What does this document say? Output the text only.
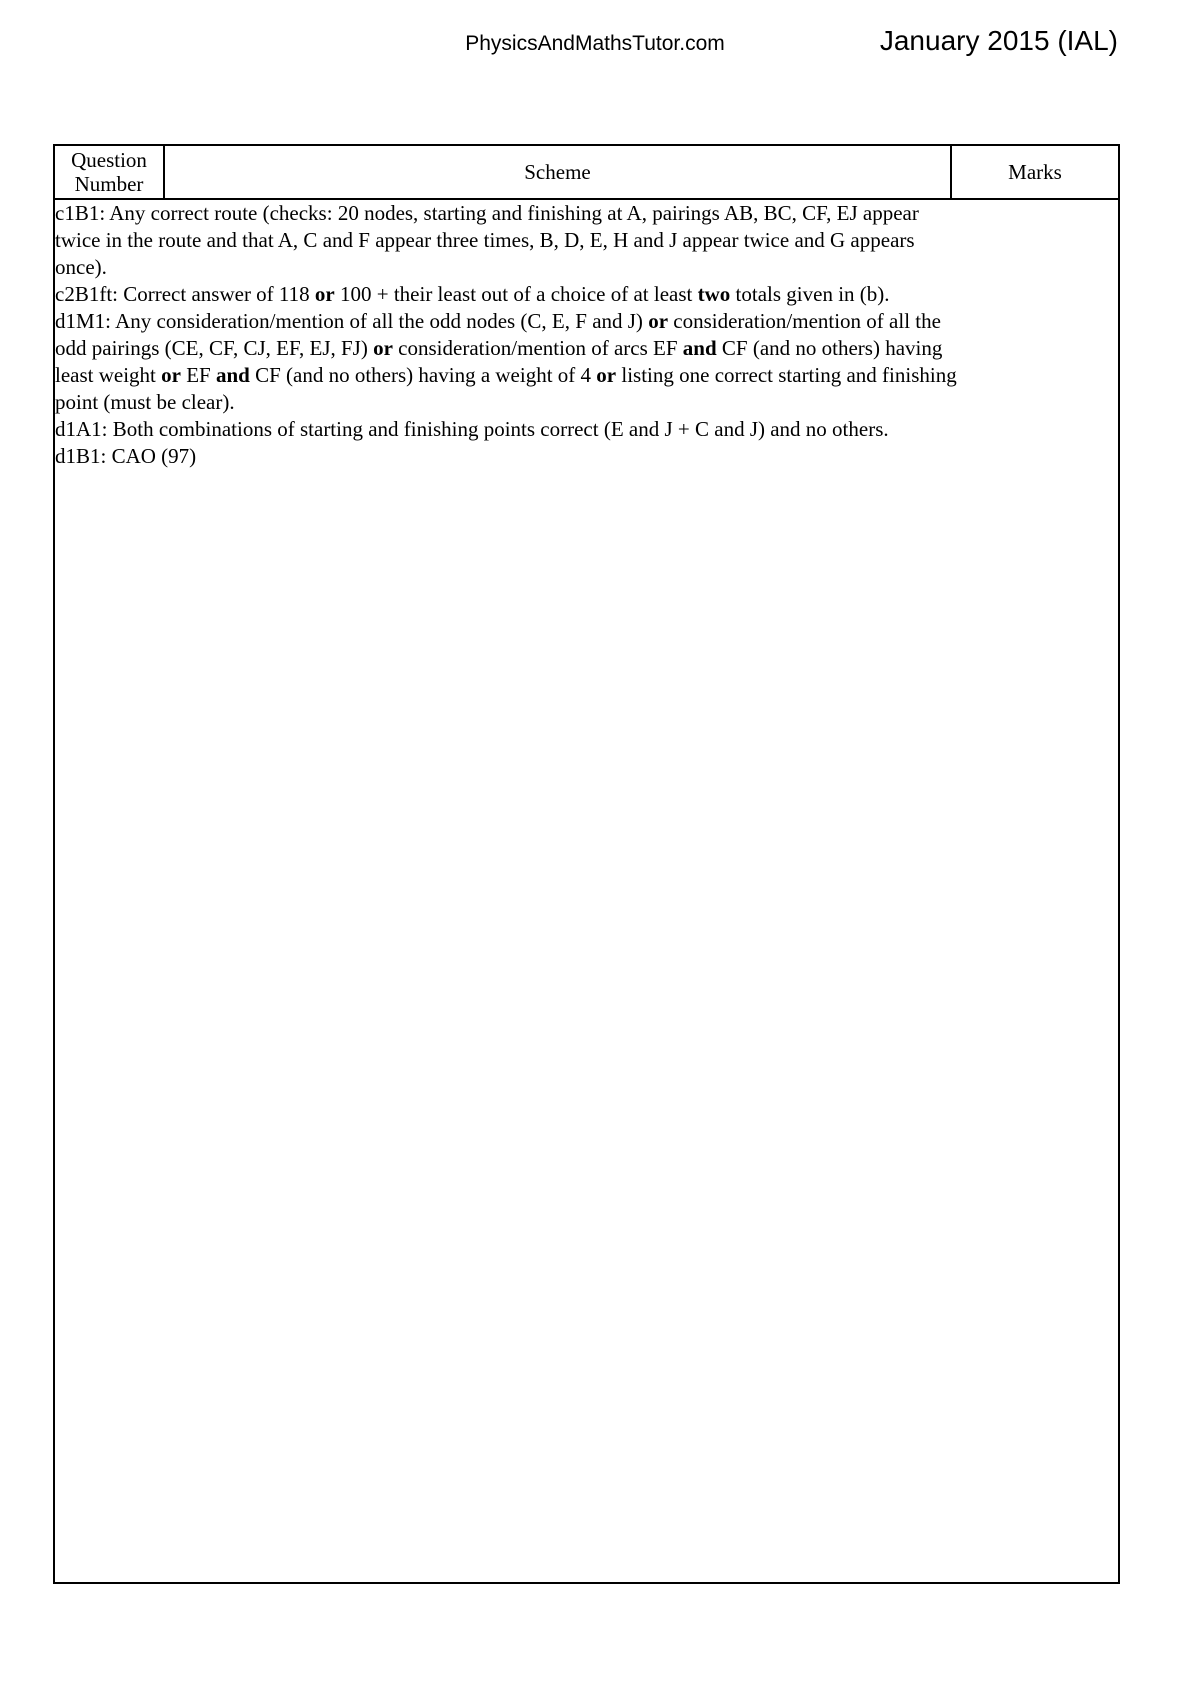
PhysicsAndMathsTutor.com	January 2015 (IAL)
Question Number	Scheme	Marks

c1B1: Any correct route (checks: 20 nodes, starting and finishing at A, pairings AB, BC, CF, EJ appear
twice in the route and that A, C and F appear three times, B, D, E, H and J appear twice and G appears
once).
c2B1ft: Correct answer of 118 or 100 + their least out of a choice of at least two totals given in (b).
d1M1: Any consideration/mention of all the odd nodes (C, E, F and J) or consideration/mention of all the
odd pairings (CE, CF, CJ, EF, EJ, FJ) or consideration/mention of arcs EF and CF (and no others) having
least weight or EF and CF (and no others) having a weight of 4 or listing one correct starting and finishing
point (must be clear).
d1A1: Both combinations of starting and finishing points correct (E and J + C and J) and no others.
d1B1: CAO (97)
